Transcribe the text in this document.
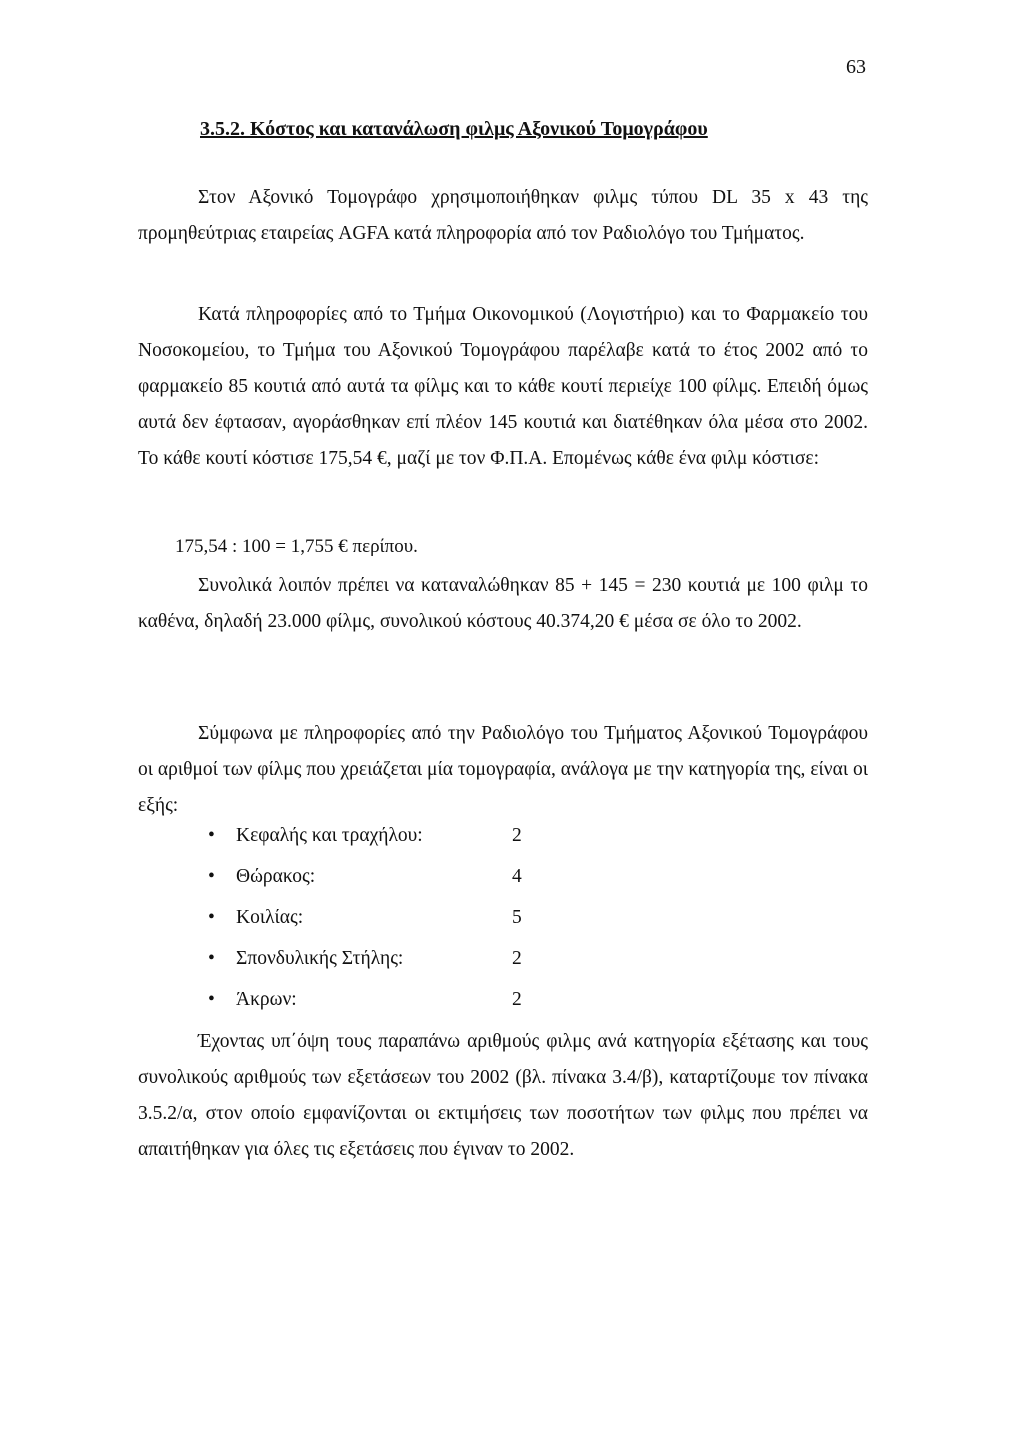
63
3.5.2. Κόστος και κατανάλωση φιλμς Αξονικού Τομογράφου

Στον Αξονικό Τομογράφο χρησιμοποιήθηκαν φιλμς τύπου DL 35 x 43 της προμηθεύτριας εταιρείας AGFA κατά πληροφορία από τον Ραδιολόγο του Τμήματος.

Κατά πληροφορίες από το Τμήμα Οικονομικού (Λογιστήριο) και το Φαρμακείο του Νοσοκομείου, το Τμήμα του Αξονικού Τομογράφου παρέλαβε κατά το έτος 2002 από το φαρμακείο 85 κουτιά από αυτά τα φίλμς και το κάθε κουτί περιείχε 100 φίλμς. Επειδή όμως αυτά δεν έφτασαν, αγοράσθηκαν επί πλέον 145 κουτιά και διατέθηκαν όλα μέσα στο 2002. Το κάθε κουτί κόστισε 175,54 €, μαζί με τον Φ.Π.Α. Επομένως κάθε ένα φιλμ κόστισε:

175,54 : 100 = 1,755 € περίπου.

Συνολικά λοιπόν πρέπει να καταναλώθηκαν 85 + 145 = 230 κουτιά με 100 φιλμ το καθένα, δηλαδή 23.000 φίλμς, συνολικού κόστους 40.374,20 € μέσα σε όλο το 2002.

Σύμφωνα με πληροφορίες από την Ραδιολόγο του Τμήματος Αξονικού Τομογράφου οι αριθμοί των φίλμς που χρειάζεται μία τομογραφία, ανάλογα με την κατηγορία της, είναι οι εξής:

•	Κεφαλής και τραχήλου:	2
•	Θώρακος:	4
•	Κοιλίας:	5
•	Σπονδυλικής Στήλης:	2
•	Άκρων:	2

Έχοντας υπ΄όψη τους παραπάνω αριθμούς φιλμς ανά κατηγορία εξέτασης και τους συνολικούς αριθμούς των εξετάσεων του 2002 (βλ. πίνακα 3.4/β), καταρτίζουμε τον πίνακα 3.5.2/α, στον οποίο εμφανίζονται οι εκτιμήσεις των ποσοτήτων των φιλμς που πρέπει να απαιτήθηκαν για όλες τις εξετάσεις που έγιναν το 2002.
